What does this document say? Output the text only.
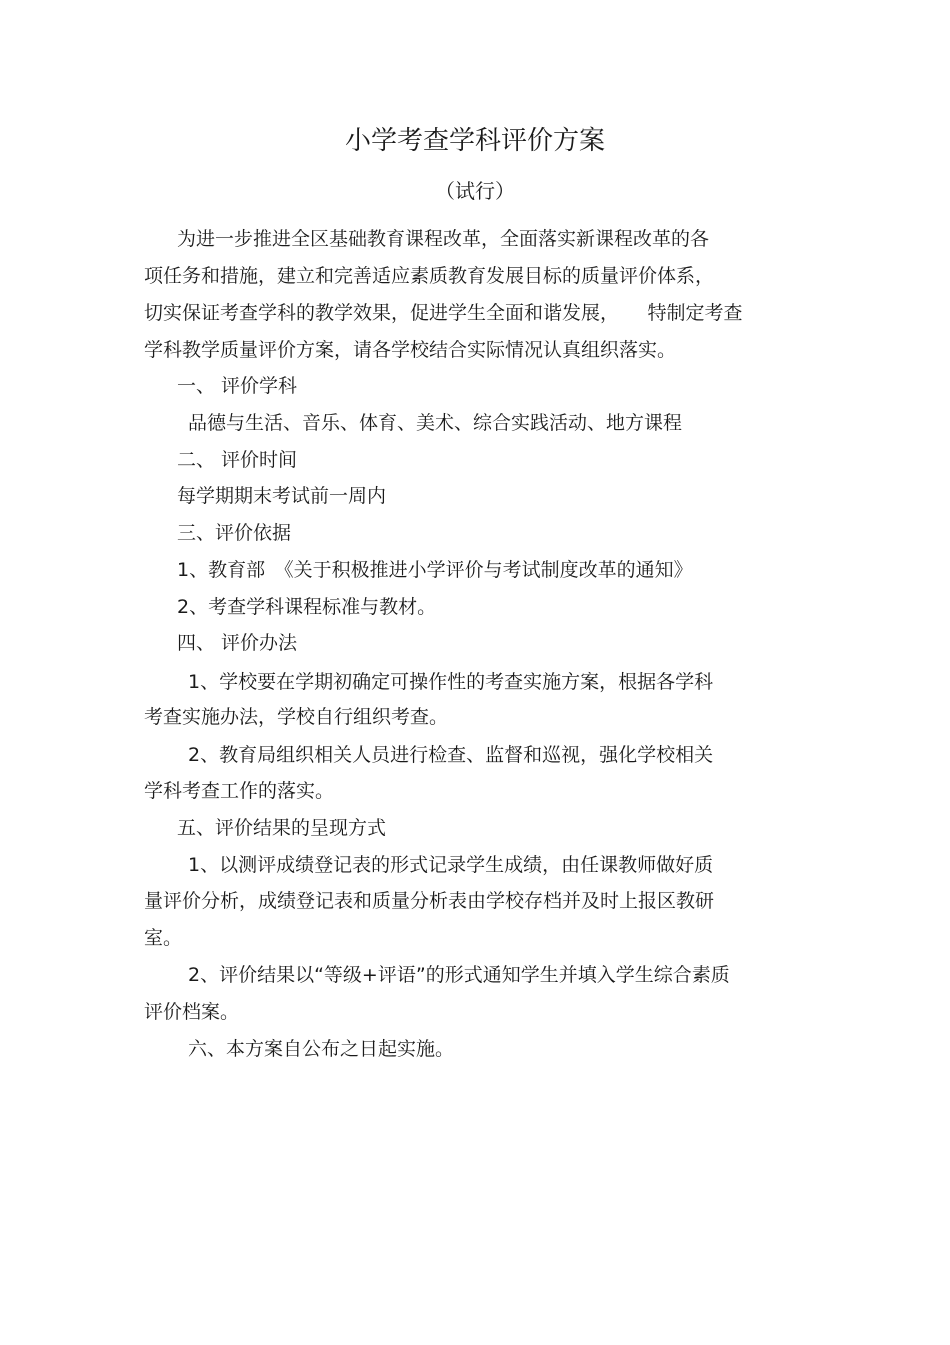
小学考查学科评价方案
（试行）
为进一步推进全区基础教育课程改革，全面落实新课程改革的各
项任务和措施，建立和完善适应素质教育发展目标的质量评价体系，
切实保证考查学科的教学效果，促进学生全面和谐发展，　　特制定考查
学科教学质量评价方案，请各学校结合实际情况认真组织落实。
一、 评价学科
品德与生活、音乐、体育、美术、综合实践活动、地方课程
二、 评价时间
每学期期末考试前一周内
三、评价依据
1、教育部　《关于积极推进小学评价与考试制度改革的通知》
2、考查学科课程标准与教材。
四、 评价办法
1、学校要在学期初确定可操作性的考查实施方案，根据各学科
考查实施办法，学校自行组织考查。
2、教育局组织相关人员进行检查、监督和巡视，强化学校相关
学科考查工作的落实。
五、评价结果的呈现方式
1、以测评成绩登记表的形式记录学生成绩，由任课教师做好质
量评价分析，成绩登记表和质量分析表由学校存档并及时上报区教研
室。
2、评价结果以“等级+评语”的形式通知学生并填入学生综合素质
评价档案。
六、本方案自公布之日起实施。
